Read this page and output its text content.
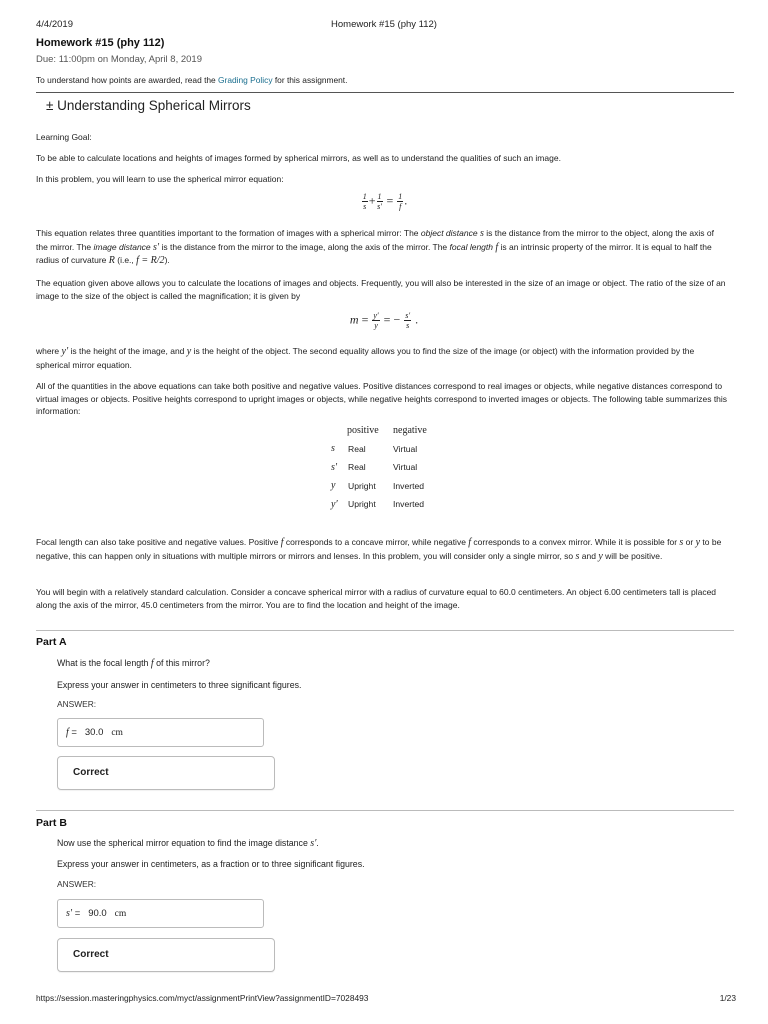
4/4/2019	Homework #15 (phy 112)
Homework #15 (phy 112)
Due: 11:00pm on Monday, April 8, 2019
To understand how points are awarded, read the Grading Policy for this assignment.
± Understanding Spherical Mirrors
Learning Goal:
To be able to calculate locations and heights of images formed by spherical mirrors, as well as to understand the qualities of such an image.
In this problem, you will learn to use the spherical mirror equation:
$\frac{1}{s} + \frac{1}{s'} = \frac{1}{f}$ .
This equation relates three quantities important to the formation of images with a spherical mirror: The object distance s is the distance from the mirror to the object, along the axis of the mirror. The image distance s′ is the distance from the mirror to the image, along the axis of the mirror. The focal length f is an intrinsic property of the mirror. It is equal to half the radius of curvature R (i.e., f = R/2).
The equation given above allows you to calculate the locations of images and objects. Frequently, you will also be interested in the size of an image or object. The ratio of the size of an image to the size of the object is called the magnification; it is given by
$m = \frac{y'}{y}$ = − $\frac{s'}{s}$ .
where y′ is the height of the image, and y is the height of the object. The second equality allows you to find the size of the image (or object) with the information provided by the spherical mirror equation.
All of the quantities in the above equations can take both positive and negative values. Positive distances correspond to real images or objects, while negative distances correspond to virtual images or objects. Positive heights correspond to upright images or objects, while negative heights correspond to inverted images or objects. The following table summarizes this information:
	positive	negative
s	Real	Virtual
s′	Real	Virtual
y	Upright	Inverted
y′	Upright	Inverted
Focal length can also take positive and negative values. Positive f corresponds to a concave mirror, while negative f corresponds to a convex mirror. While it is possible for s or y to be negative, this can happen only in situations with multiple mirrors or mirrors and lenses. In this problem, you will consider only a single mirror, so s and y will be positive.
You will begin with a relatively standard calculation. Consider a concave spherical mirror with a radius of curvature equal to 60.0 centimeters. An object 6.00 centimeters tall is placed along the axis of the mirror, 45.0 centimeters from the mirror. You are to find the location and height of the image.
Part A
What is the focal length f of this mirror?
Express your answer in centimeters to three significant figures.
ANSWER:
f = 30.0 cm
Correct
Part B
Now use the spherical mirror equation to find the image distance s′.
Express your answer in centimeters, as a fraction or to three significant figures.
ANSWER:
s′ = 90.0 cm
Correct
https://session.masteringphysics.com/myct/assignmentPrintView?assignmentID=7028493	1/23
